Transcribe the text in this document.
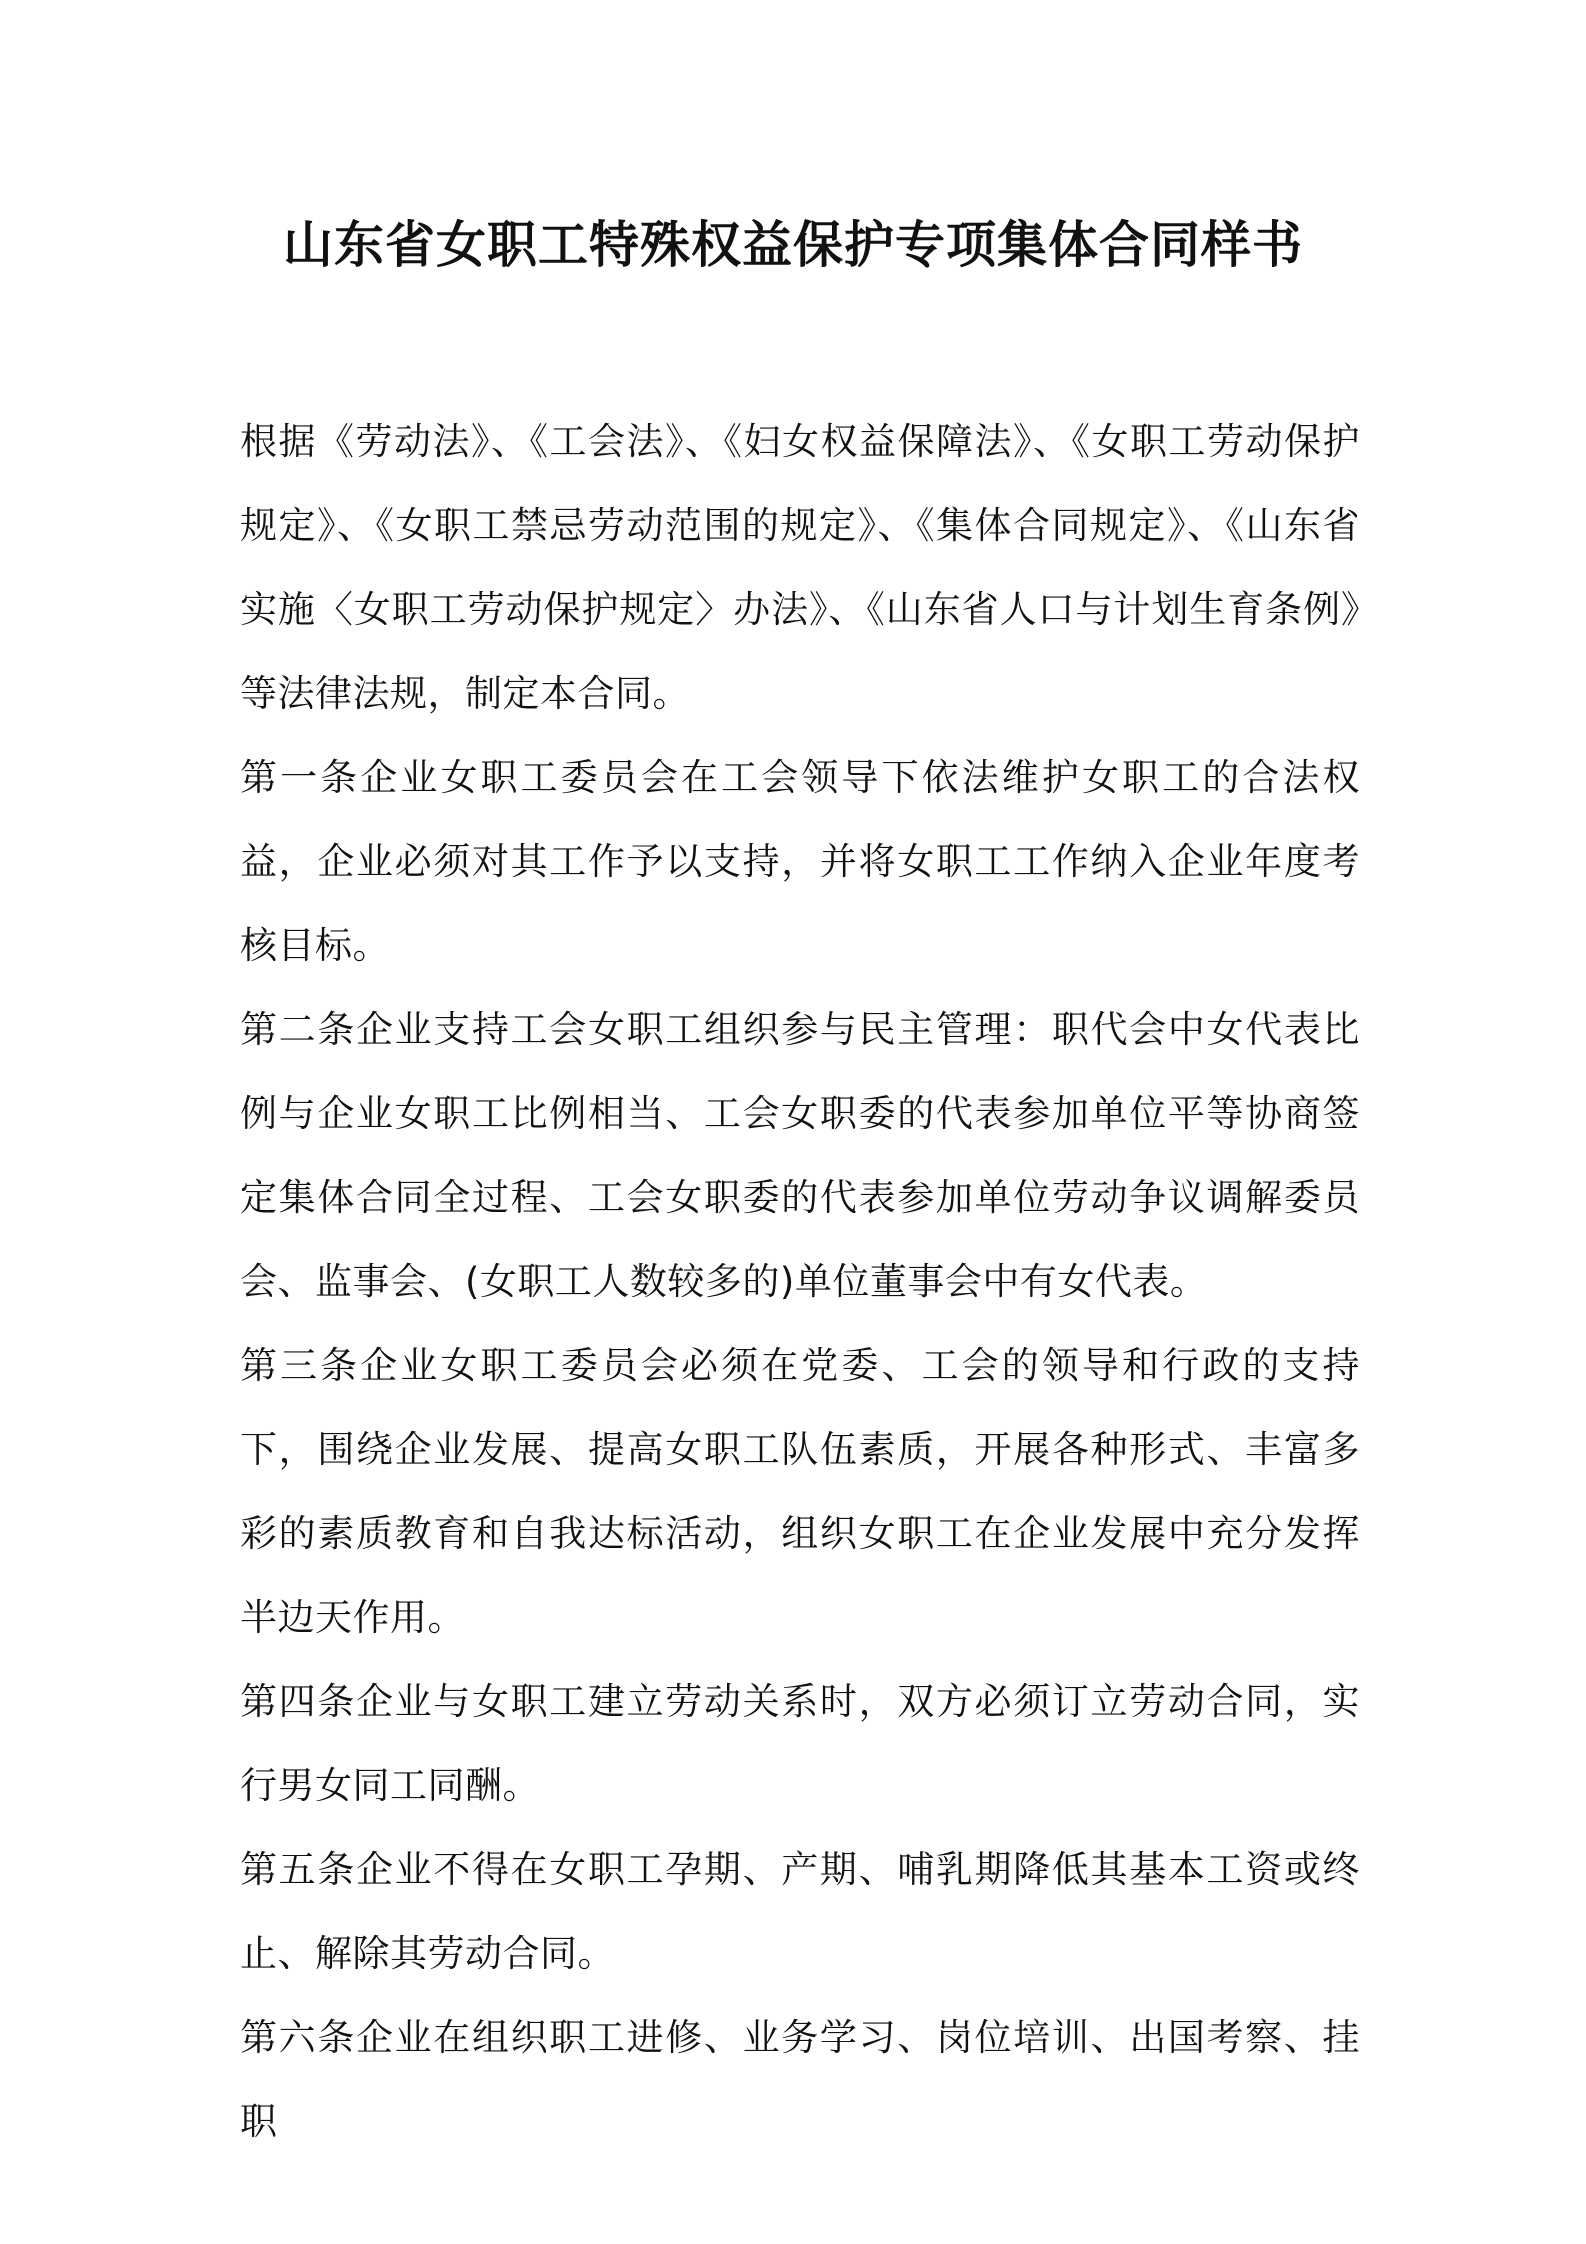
山东省女职工特殊权益保护专项集体合同样书

根据《劳动法》、《工会法》、《妇女权益保障法》、《女职工劳动保护规定》、《女职工禁忌劳动范围的规定》、《集体合同规定》、《山东省实施〈女职工劳动保护规定〉办法》、《山东省人口与计划生育条例》等法律法规，制定本合同。

第一条企业女职工委员会在工会领导下依法维护女职工的合法权益，企业必须对其工作予以支持，并将女职工工作纳入企业年度考核目标。

第二条企业支持工会女职工组织参与民主管理：职代会中女代表比例与企业女职工比例相当、工会女职委的代表参加单位平等协商签定集体合同全过程、工会女职委的代表参加单位劳动争议调解委员会、监事会、(女职工人数较多的)单位董事会中有女代表。

第三条企业女职工委员会必须在党委、工会的领导和行政的支持下，围绕企业发展、提高女职工队伍素质，开展各种形式、丰富多彩的素质教育和自我达标活动，组织女职工在企业发展中充分发挥半边天作用。

第四条企业与女职工建立劳动关系时，双方必须订立劳动合同，实行男女同工同酬。

第五条企业不得在女职工孕期、产期、哺乳期降低其基本工资或终止、解除其劳动合同。

第六条企业在组织职工进修、业务学习、岗位培训、出国考察、挂职
